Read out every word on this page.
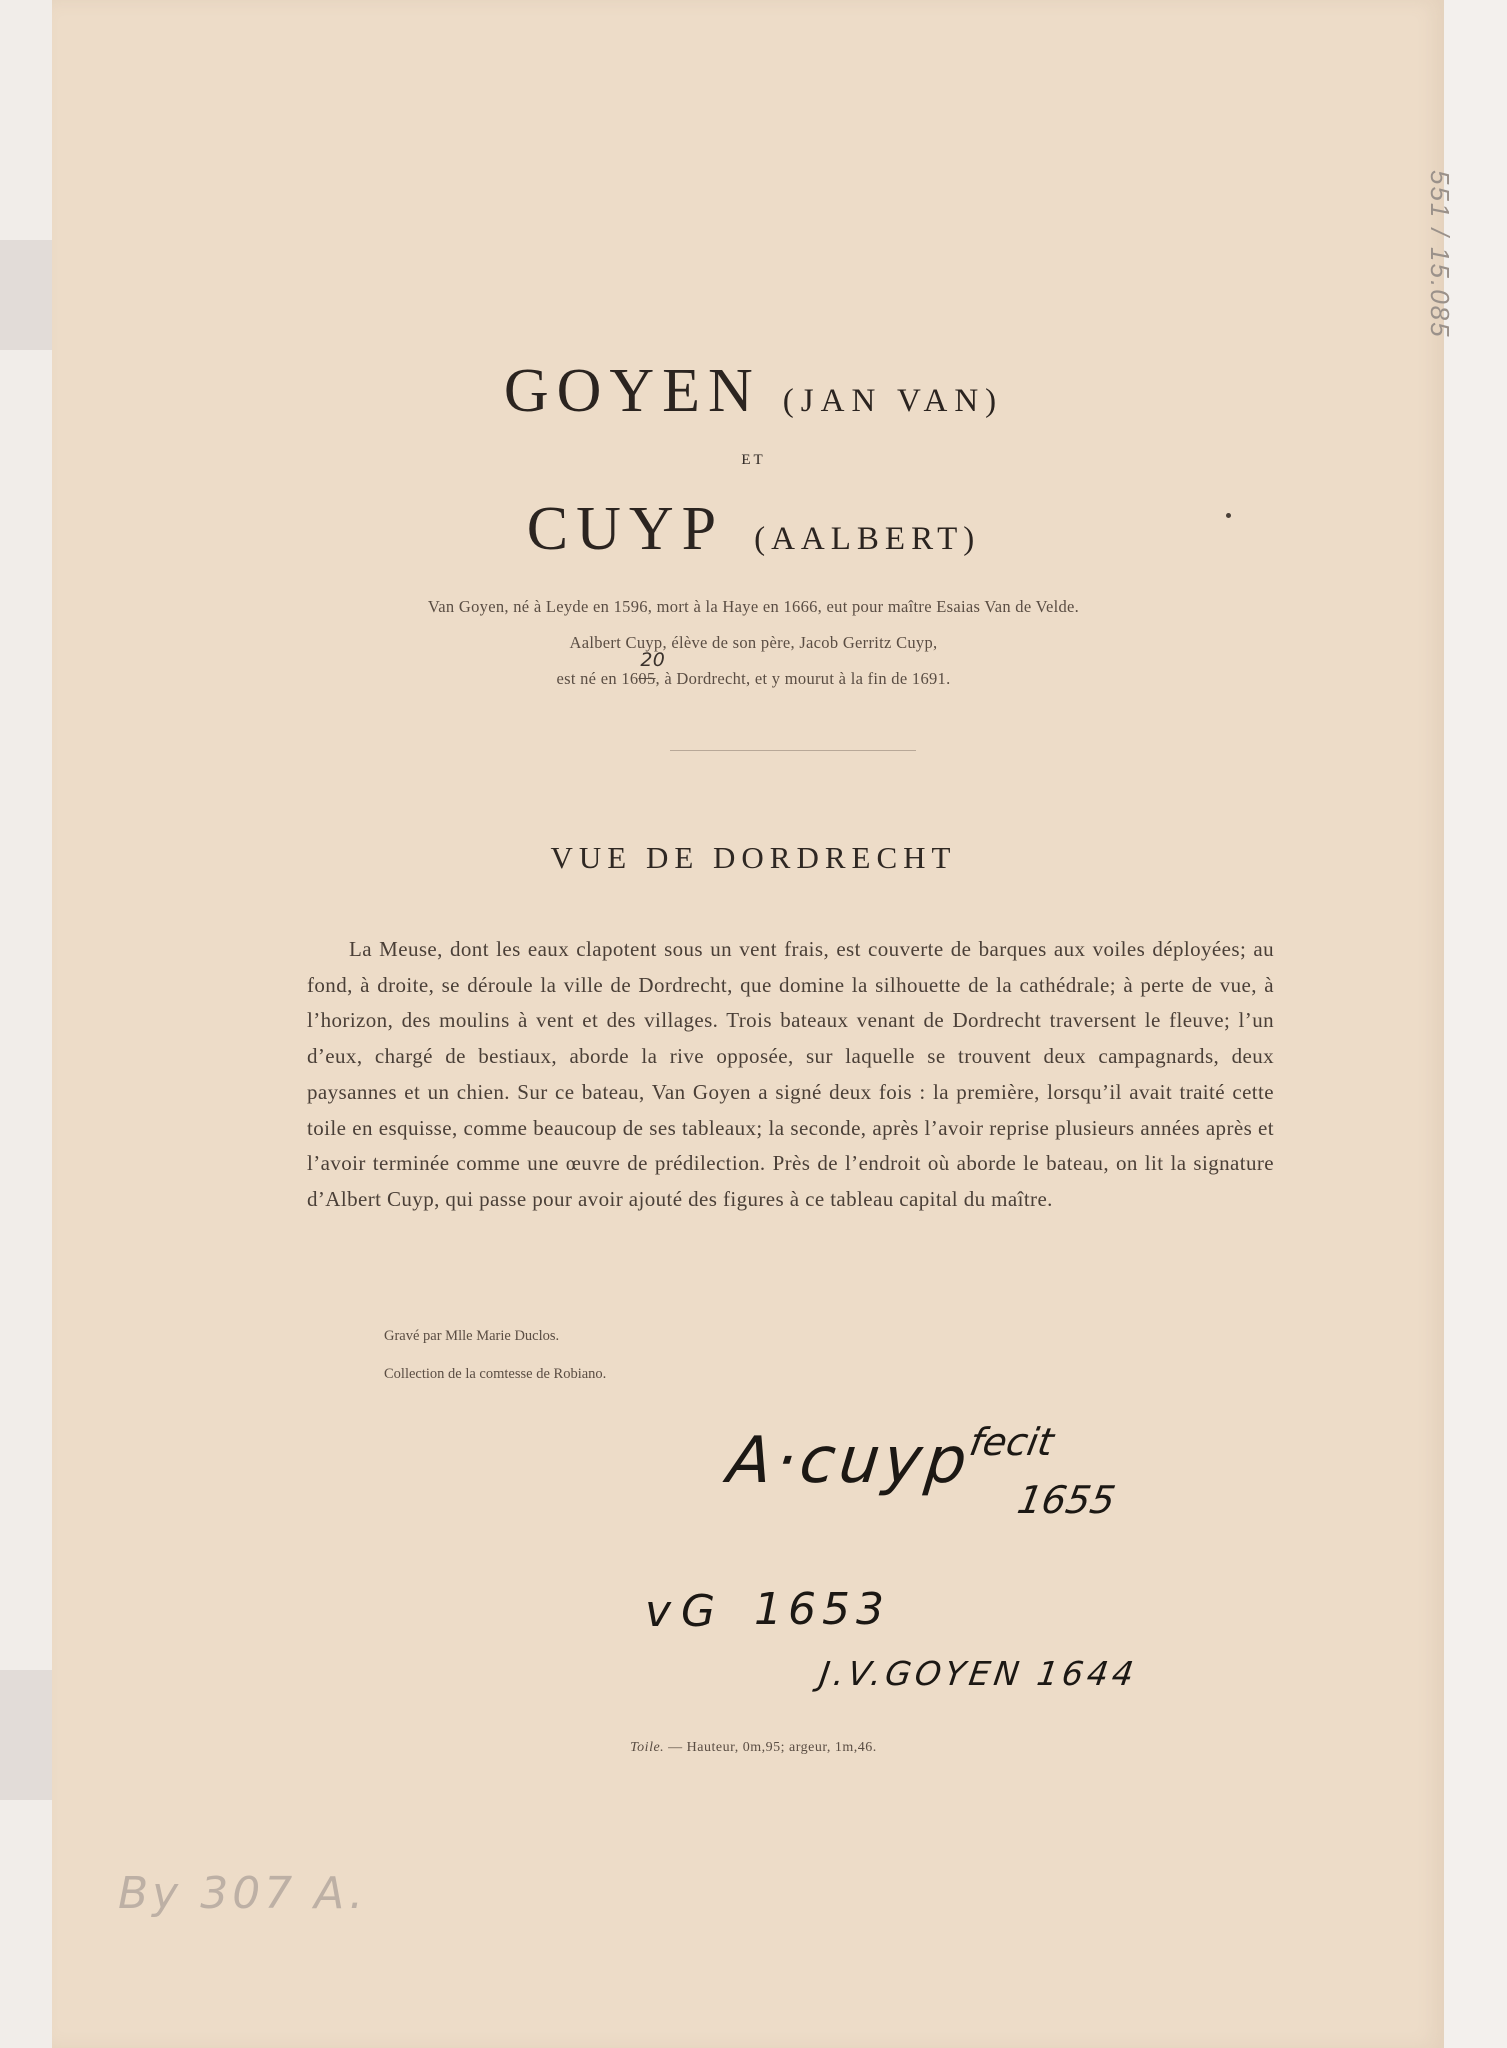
551 / 15.085
GOYEN (JAN VAN)
ET
CUYP (AALBERT)
Van Goyen, né à Leyde en 1596, mort à la Haye en 1666, eut pour maître Esaias Van de Velde.
Aalbert Cuyp, élève de son père, Jacob Gerritz Cuyp,
est né en 1605
20
, à Dordrecht, et y mourut à la fin de 1691.
VUE DE DORDRECHT
La Meuse, dont les eaux clapotent sous un vent frais, est couverte de barques aux voiles déployées; au fond, à droite, se déroule la ville de Dordrecht, que domine la silhouette de la cathédrale; à perte de vue, à l’horizon, des moulins à vent et des villages. Trois bateaux venant de Dordrecht traversent le fleuve; l’un d’eux, chargé de bestiaux, aborde la rive opposée, sur laquelle se trouvent deux campagnards, deux paysannes et un chien. Sur ce bateau, Van Goyen a signé deux fois : la première, lorsqu’il avait traité cette toile en esquisse, comme beaucoup de ses tableaux; la seconde, après l’avoir reprise plusieurs années après et l’avoir terminée comme une œuvre de prédilection. Près de l’endroit où aborde le bateau, on lit la signature d’Albert Cuyp, qui passe pour avoir ajouté des figures à ce tableau capital du maître.
Gravé par Mlle Marie Duclos.
Collection de la comtesse de Robiano.
A·cuyp
fecit
1655
vG 1653
J.V.GOYEN 1644
Toile. — Hauteur, 0m,95; argeur, 1m,46.
By 307 A.
